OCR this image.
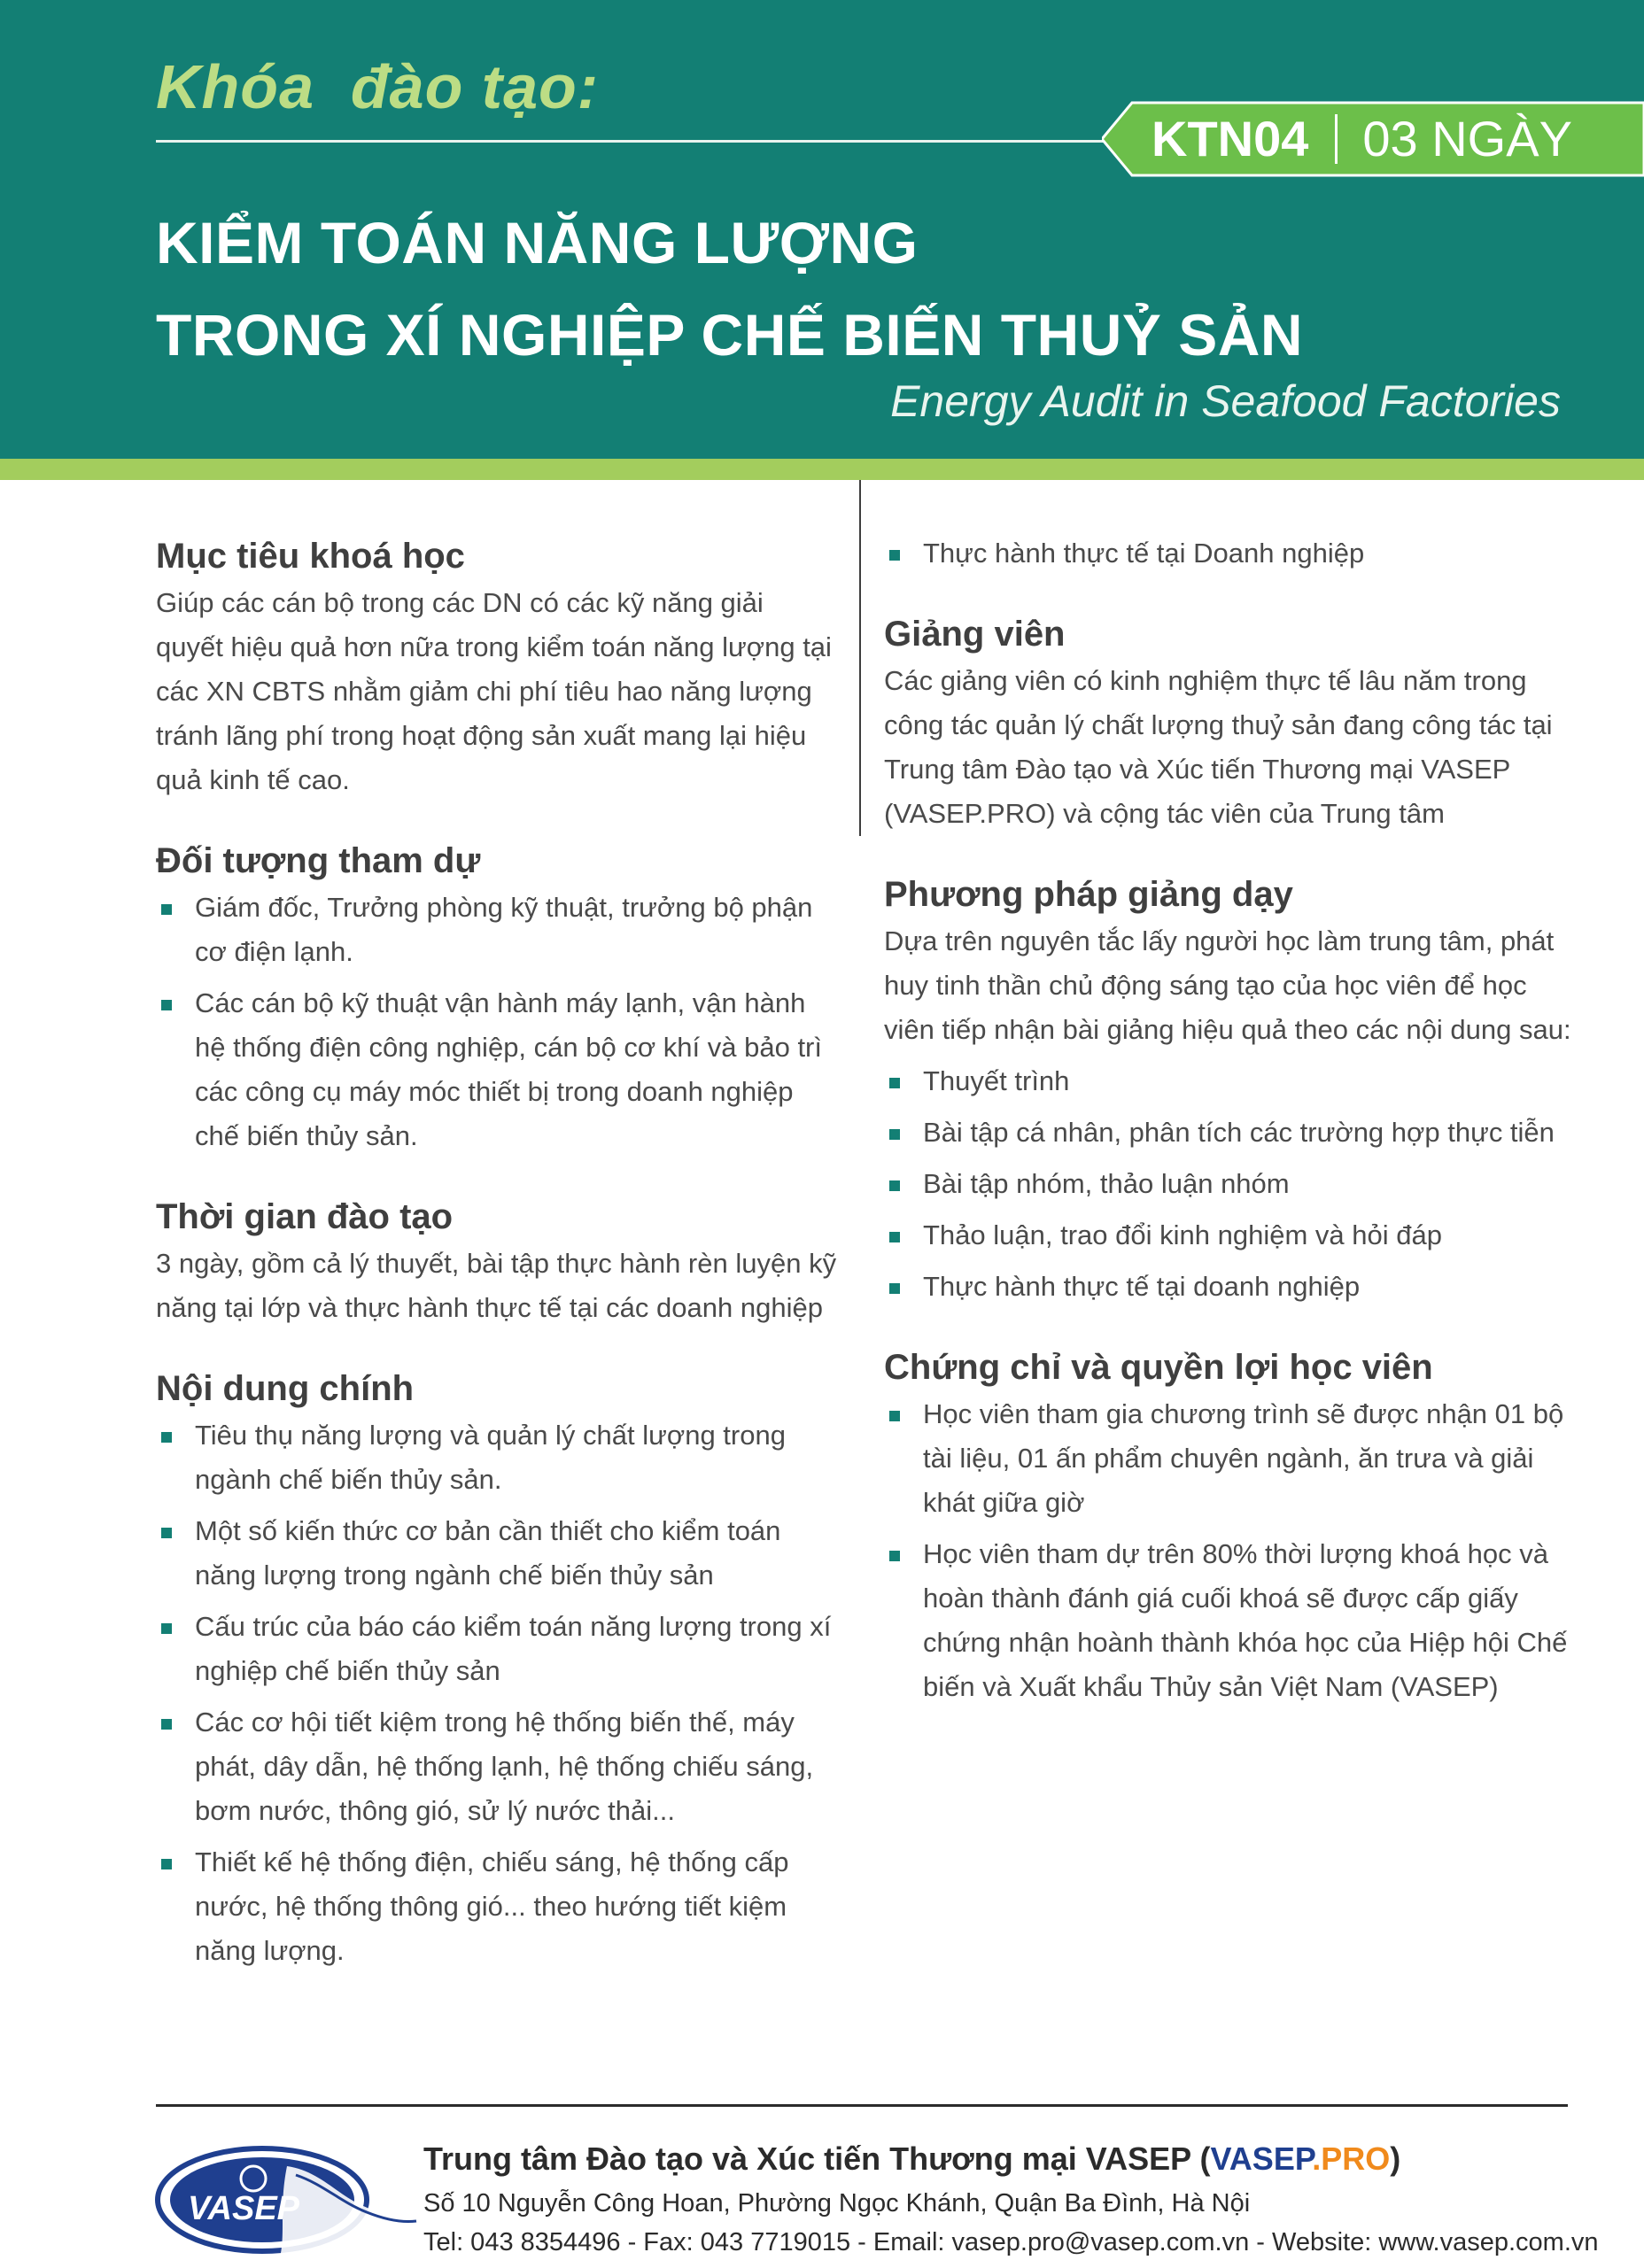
Khóa  đào tạo:
KTN04 03 NGÀY
KIỂM TOÁN NĂNG LƯỢNG
TRONG XÍ NGHIỆP CHẾ BIẾN THUỶ SẢN
Energy Audit in Seafood Factories
Mục tiêu khoá học

Giúp các cán bộ trong các DN có các kỹ năng giải quyết hiệu quả hơn nữa trong kiểm toán năng lượng tại các XN CBTS nhằm giảm chi phí tiêu hao năng lượng tránh lãng phí trong hoạt động sản xuất mang lại hiệu quả kinh tế cao.

Đối tượng tham dự
Giám đốc, Trưởng phòng kỹ thuật, trưởng bộ phận cơ điện lạnh.
Các cán bộ kỹ thuật vận hành máy lạnh, vận hành hệ thống điện công nghiệp, cán bộ cơ khí và bảo trì các công cụ máy móc thiết bị trong doanh nghiệp chế biến thủy sản.
Thời gian đào tạo

3 ngày, gồm cả lý thuyết, bài tập thực hành rèn luyện kỹ năng tại lớp và thực hành thực tế tại các doanh nghiệp

Nội dung chính
Tiêu thụ năng lượng và quản lý chất lượng trong ngành chế biến thủy sản.
Một số kiến thức cơ bản cần thiết cho kiểm toán năng lượng trong ngành chế biến thủy sản
Cấu trúc của báo cáo kiểm toán năng lượng trong xí nghiệp chế biến thủy sản
Các cơ hội tiết kiệm trong hệ thống biến thế, máy phát, dây dẫn, hệ thống lạnh, hệ thống chiếu sáng, bơm nước, thông gió, sử lý nước thải...
Thiết kế hệ thống điện, chiếu sáng, hệ thống cấp nước, hệ thống thông gió... theo hướng tiết kiệm năng lượng.
Thực hành thực tế tại Doanh nghiệp
Giảng viên

Các giảng viên có kinh nghiệm thực tế lâu năm trong công tác quản lý chất lượng thuỷ sản đang công tác tại Trung tâm Đào tạo và Xúc tiến Thương mại VASEP (VASEP.PRO) và cộng tác viên của Trung tâm

Phương pháp giảng dạy

Dựa trên nguyên tắc lấy người học làm trung tâm, phát huy tinh thần chủ động sáng tạo của học viên để học viên tiếp nhận bài giảng hiệu quả theo các nội dung sau:

Thuyết trình
Bài tập cá nhân, phân tích các trường hợp thực tiễn
Bài tập nhóm, thảo luận nhóm
Thảo luận, trao đổi kinh nghiệm và hỏi đáp
Thực hành thực tế tại doanh nghiệp
Chứng chỉ và quyền lợi học viên
Học viên tham gia chương trình sẽ được nhận 01 bộ tài liệu, 01 ấn phẩm chuyên ngành, ăn trưa và giải khát giữa giờ
Học viên tham dự trên 80% thời lượng khoá học và hoàn thành đánh giá cuối khoá sẽ được cấp giấy chứng nhận hoành thành khóa học của Hiệp hội Chế biến và Xuất khẩu Thủy sản Việt Nam (VASEP)
VASEP
Trung tâm Đào tạo và Xúc tiến Thương mại VASEP (VASEP.PRO)
Số 10 Nguyễn Công Hoan, Phường Ngọc Khánh, Quận Ba Đình, Hà Nội
Tel: 043 8354496 - Fax: 043 7719015 - Email: vasep.pro@vasep.com.vn - Website: www.vasep.com.vn
